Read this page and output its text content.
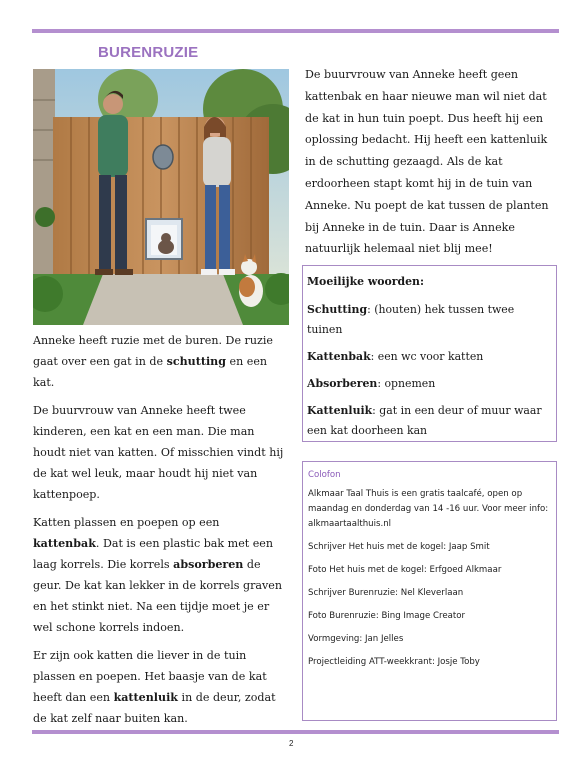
BURENRUZIE

Anneke heeft ruzie met de buren. De ruzie gaat over een gat in de schutting en een kat.

De buurvrouw van Anneke heeft twee kinderen, een kat en een man. Die man houdt niet van katten. Of misschien vindt hij de kat wel leuk, maar houdt hij niet van kattenpoep.

Katten plassen en poepen op een kattenbak. Dat is een plastic bak met een laag korrels. Die korrels absorberen de geur. De kat kan lekker in de korrels graven en het stinkt niet. Na een tijdje moet je er wel schone korrels indoen.

Er zijn ook katten die liever in de tuin plassen en poepen. Het baasje van de kat heeft dan een kattenluik in de deur, zodat de kat zelf naar buiten kan.

De buurvrouw van Anneke heeft geen kattenbak en haar nieuwe man wil niet dat de kat in hun tuin poept. Dus heeft hij een oplossing bedacht. Hij heeft een kattenluik in de schutting gezaagd. Als de kat erdoorheen stapt komt hij in de tuin van Anneke. Nu poept de kat tussen de planten bij Anneke in de tuin. Daar is Anneke natuurlijk helemaal niet blij mee!

Moeilijke woorden:

Schutting: (houten) hek tussen twee tuinen

Kattenbak: een wc voor katten

Absorberen: opnemen

Kattenluik: gat in een deur of muur waar een kat doorheen kan

Colofon

Alkmaar Taal Thuis is een gratis taalcafé, open op maandag en donderdag van 14 -16 uur. Voor meer info: alkmaartaalthuis.nl

Schrijver Het huis met de kogel: Jaap Smit

Foto Het huis met de kogel: Erfgoed Alkmaar

Schrijver Burenruzie: Nel Kleverlaan

Foto Burenruzie: Bing Image Creator

Vormgeving: Jan Jelles

Projectleiding ATT-weekkrant: Josje Toby

2
